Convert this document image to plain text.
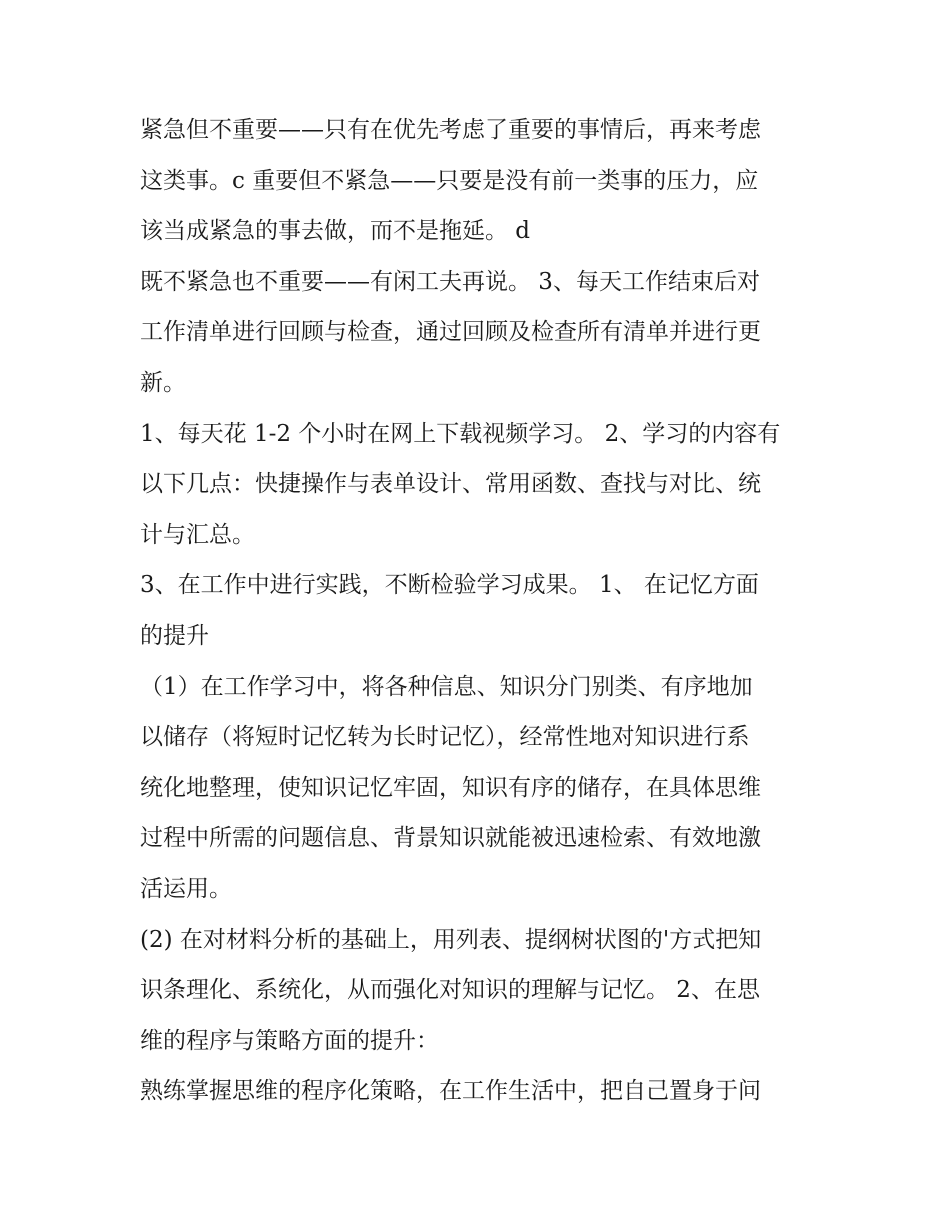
紧急但不重要——只有在优先考虑了重要的事情后，再来考虑
这类事。c 重要但不紧急——只要是没有前一类事的压力，应
该当成紧急的事去做，而不是拖延。 d
既不紧急也不重要——有闲工夫再说。 3、每天工作结束后对
工作清单进行回顾与检查，通过回顾及检查所有清单并进行更
新。
1、每天花 1-2 个小时在网上下载视频学习。 2、学习的内容有
以下几点：快捷操作与表单设计、常用函数、查找与对比、统
计与汇总。
3、在工作中进行实践，不断检验学习成果。 1、 在记忆方面
的提升
（1）在工作学习中，将各种信息、知识分门别类、有序地加
以储存（将短时记忆转为长时记忆），经常性地对知识进行系
统化地整理，使知识记忆牢固，知识有序的储存，在具体思维
过程中所需的问题信息、背景知识就能被迅速检索、有效地激
活运用。
(2) 在对材料分析的基础上，用列表、提纲树状图的'方式把知
识条理化、系统化，从而强化对知识的理解与记忆。 2、在思
维的程序与策略方面的提升：
熟练掌握思维的程序化策略，在工作生活中，把自己置身于问
